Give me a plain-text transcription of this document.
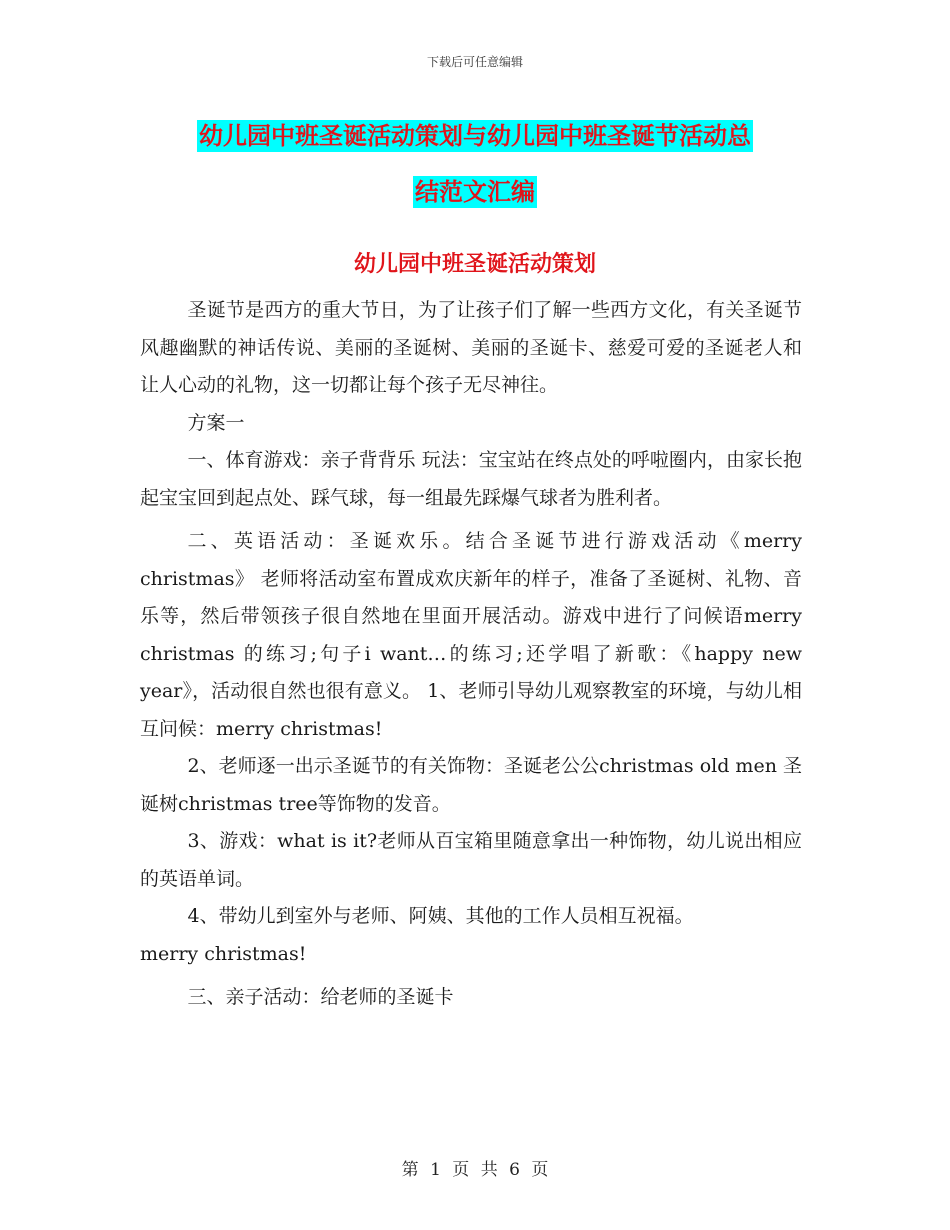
下载后可任意编辑
幼儿园中班圣诞活动策划与幼儿园中班圣诞节活动总
结范文汇编
幼儿园中班圣诞活动策划

圣诞节是西方的重大节日，为了让孩子们了解一些西方文化，有关圣诞节风趣幽默的神话传说、美丽的圣诞树、美丽的圣诞卡、慈爱可爱的圣诞老人和让人心动的礼物，这一切都让每个孩子无尽神往。

方案一

一、体育游戏：亲子背背乐 玩法：宝宝站在终点处的呼啦圈内，由家长抱起宝宝回到起点处、踩气球，每一组最先踩爆气球者为胜利者。

二、英语活动：圣诞欢乐。结合圣诞节进行游戏活动《merry christmas》 老师将活动室布置成欢庆新年的样子，准备了圣诞树、礼物、音乐等，然后带领孩子很自然地在里面开展活动。游戏中进行了问候语merry christmas 的练习;句子i want…的练习;还学唱了新歌：《happy new year》，活动很自然也很有意义。 1、老师引导幼儿观察教室的环境，与幼儿相互问候：merry christmas!

2、老师逐一出示圣诞节的有关饰物：圣诞老公公christmas old men 圣诞树christmas tree等饰物的发音。

3、游戏：what is it?老师从百宝箱里随意拿出一种饰物，幼儿说出相应的英语单词。

4、带幼儿到室外与老师、阿姨、其他的工作人员相互祝福。

merry christmas!

三、亲子活动：给老师的圣诞卡

第 1 页 共 6 页
